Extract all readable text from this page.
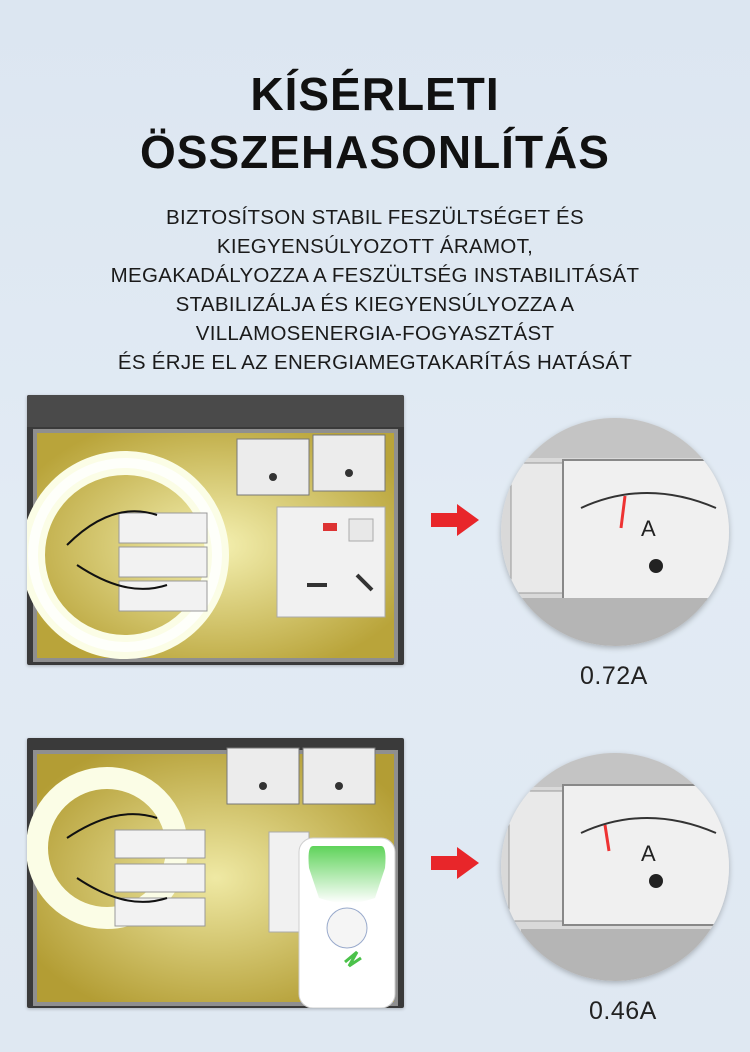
KÍSÉRLETI
ÖSSZEHASONLÍTÁS
BIZTOSÍTSON STABIL FESZÜLTSÉGET ÉS
KIEGYENSÚLYOZOTT ÁRAMOT,
MEGAKADÁLYOZZA A FESZÜLTSÉG INSTABILITÁSÁT
STABILIZÁLJA ÉS KIEGYENSÚLYOZZA A
VILLAMOSENERGIA-FOGYASZTÁST
ÉS ÉRJE EL AZ ENERGIAMEGTAKARÍTÁS HATÁSÁT
A
0.72A
A
0.46A
